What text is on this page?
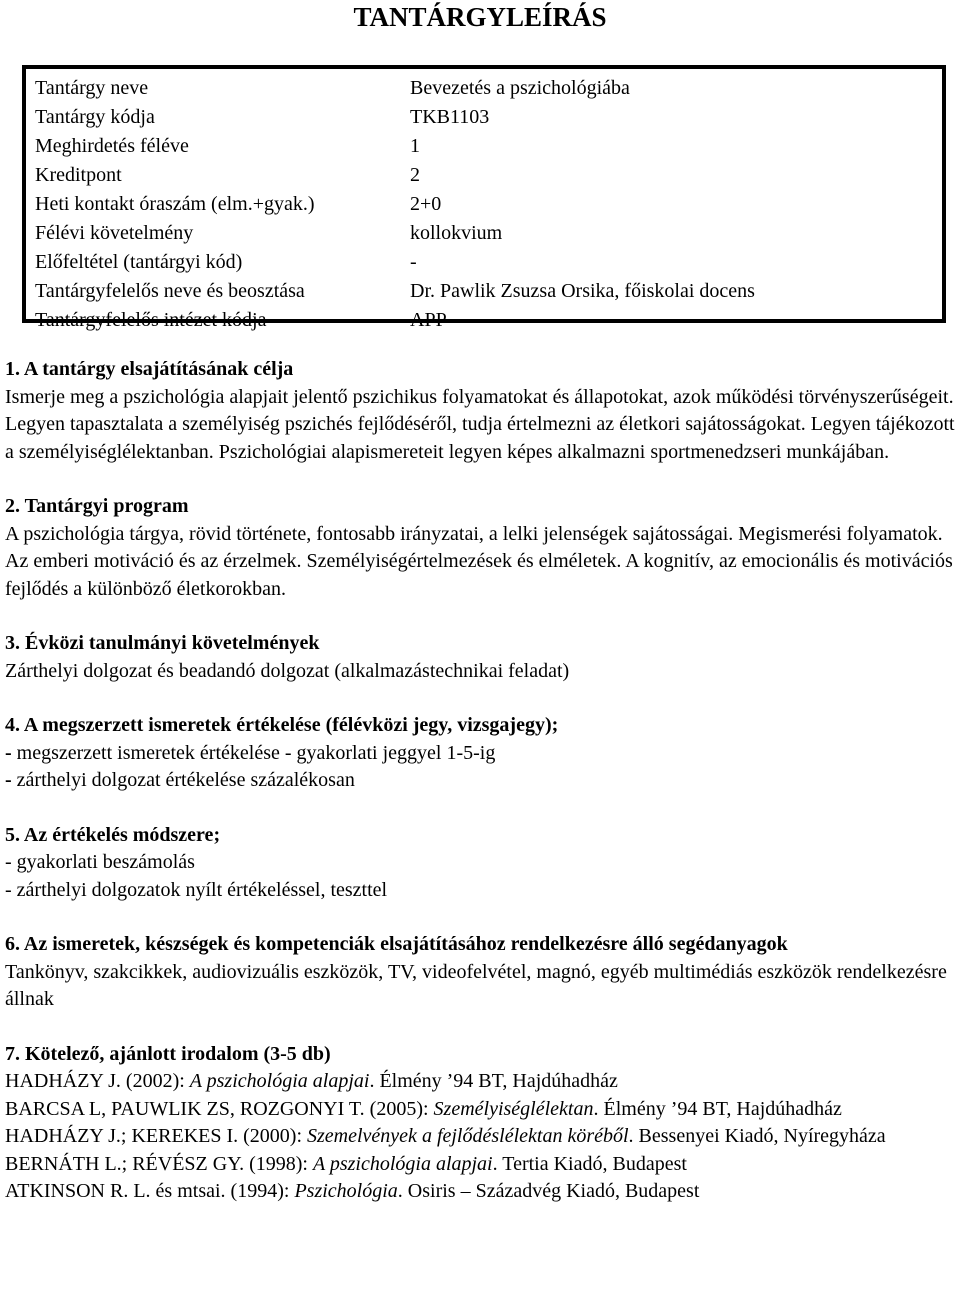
TANTÁRGYLEÍRÁS
Tantárgy neve	Bevezetés a pszichológiába
Tantárgy kódja	TKB1103
Meghirdetés féléve	1
Kreditpont	2
Heti kontakt óraszám (elm.+gyak.)	2+0
Félévi követelmény	kollokvium
Előfeltétel (tantárgyi kód)	-
Tantárgyfelelős neve és beosztása	Dr. Pawlik Zsuzsa Orsika, főiskolai docens
Tantárgyfelelős intézet kódja	APP
1. A tantárgy elsajátításának célja

Ismerje meg a pszichológia alapjait jelentő pszichikus folyamatokat és állapotokat, azok működési törvényszerűségeit. Legyen tapasztalata a személyiség pszichés fejlődéséről, tudja értelmezni az életkori sajátosságokat. Legyen tájékozott a személyiséglélektanban. Pszichológiai alapismereteit legyen képes alkalmazni sportmenedzseri munkájában.

2. Tantárgyi program

A pszichológia tárgya, rövid története, fontosabb irányzatai, a lelki jelenségek sajátosságai. Megismerési folyamatok. Az emberi motiváció és az érzelmek. Személyiségértelmezések és elméletek. A kognitív, az emocionális és motivációs fejlődés a különböző életkorokban.

3. Évközi tanulmányi követelmények

Zárthelyi dolgozat és beadandó dolgozat (alkalmazástechnikai feladat)

4. A megszerzett ismeretek értékelése (félévközi jegy, vizsgajegy);

- megszerzett ismeretek értékelése - gyakorlati jeggyel 1-5-ig

- zárthelyi dolgozat értékelése százalékosan

5. Az értékelés módszere;

- gyakorlati beszámolás

- zárthelyi dolgozatok nyílt értékeléssel, teszttel

6. Az ismeretek, készségek és kompetenciák elsajátításához rendelkezésre álló segédanyagok

Tankönyv, szakcikkek, audiovizuális eszközök, TV, videofelvétel, magnó, egyéb multimédiás eszközök rendelkezésre állnak

7. Kötelező, ajánlott irodalom (3-5 db)

HADHÁZY J. (2002): A pszichológia alapjai. Élmény ’94 BT, Hajdúhadház

BARCSA L, PAUWLIK ZS, ROZGONYI T. (2005): Személyiséglélektan. Élmény ’94 BT, Hajdúhadház

HADHÁZY J.; KEREKES I. (2000): Szemelvények a fejlődéslélektan köréből. Bessenyei Kiadó, Nyíregyháza

BERNÁTH L.; RÉVÉSZ GY. (1998): A pszichológia alapjai. Tertia Kiadó, Budapest

ATKINSON R. L. és mtsai. (1994): Pszichológia. Osiris – Századvég Kiadó, Budapest
